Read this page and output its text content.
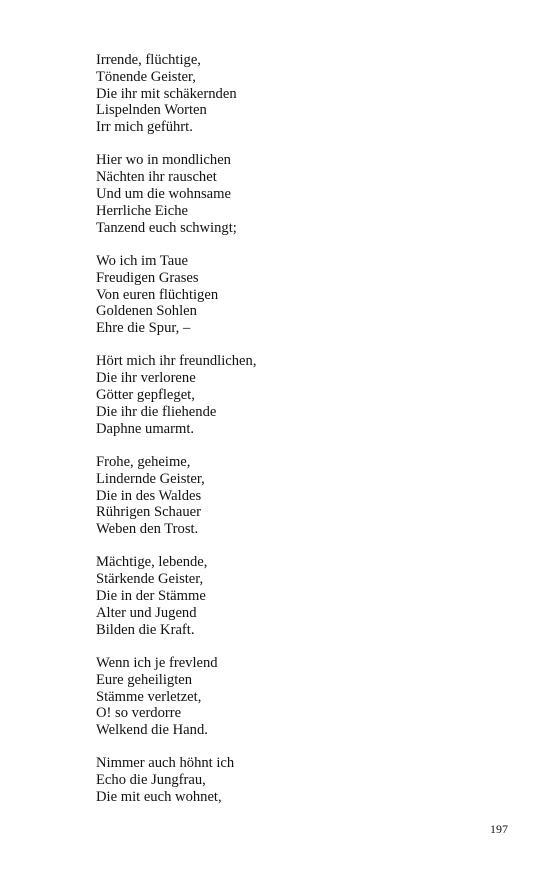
Irrende, flüchtige,
Tönende Geister,
Die ihr mit schäkernden
Lispelnden Worten
Irr mich geführt.
Hier wo in mondlichen
Nächten ihr rauschet
Und um die wohnsame
Herrliche Eiche
Tanzend euch schwingt;
Wo ich im Taue
Freudigen Grases
Von euren flüchtigen
Goldenen Sohlen
Ehre die Spur, –
Hört mich ihr freundlichen,
Die ihr verlorene
Götter gepfleget,
Die ihr die fliehende
Daphne umarmt.
Frohe, geheime,
Lindernde Geister,
Die in des Waldes
Rührigen Schauer
Weben den Trost.
Mächtige, lebende,
Stärkende Geister,
Die in der Stämme
Alter und Jugend
Bilden die Kraft.
Wenn ich je frevlend
Eure geheiligten
Stämme verletzet,
O! so verdorre
Welkend die Hand.
Nimmer auch höhnt ich
Echo die Jungfrau,
Die mit euch wohnet,
197
